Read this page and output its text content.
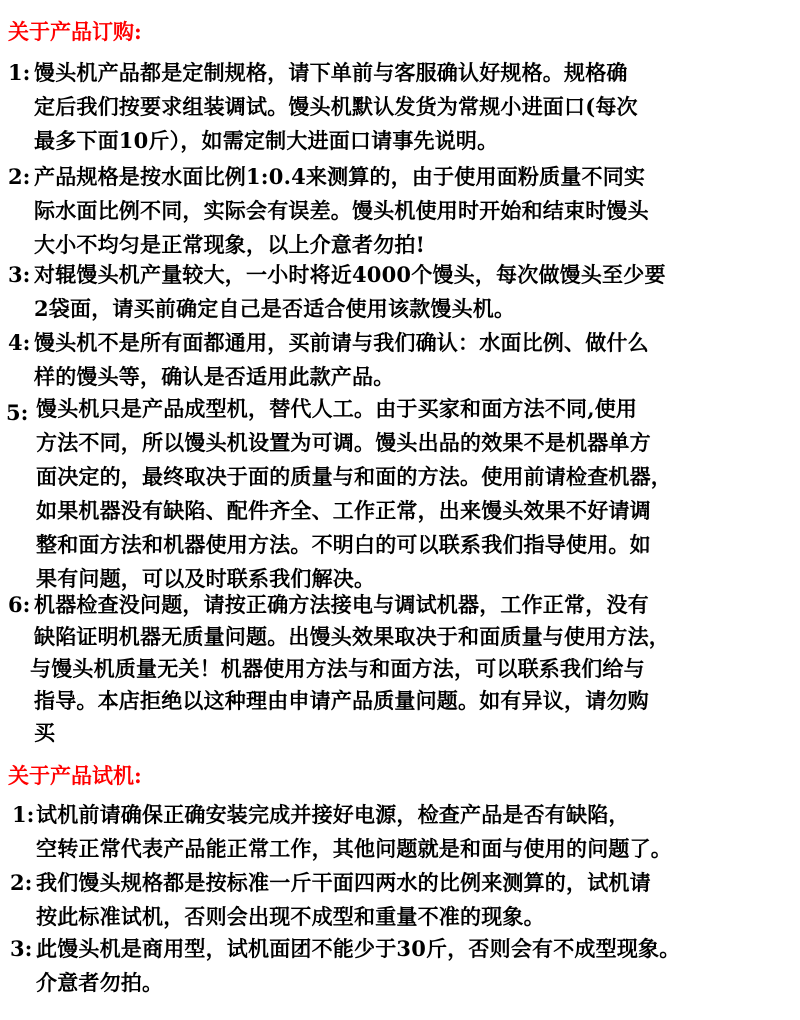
关于产品订购:
1: 馒头机产品都是定制规格，请下单前与客服确认好规格。规格确
定后我们按要求组装调试。馒头机默认发货为常规小进面口(每次
最多下面10斤），如需定制大进面口请事先说明。
2: 产品规格是按水面比例1:0.4来测算的，由于使用面粉质量不同实
际水面比例不同，实际会有误差。馒头机使用时开始和结束时馒头
大小不均匀是正常现象，以上介意者勿拍!
3: 对辊馒头机产量较大，一小时将近4000个馒头，每次做馒头至少要
2袋面，请买前确定自己是否适合使用该款馒头机。
4: 馒头机不是所有面都通用，买前请与我们确认：水面比例、做什么
样的馒头等，确认是否适用此款产品。
5: 馒头机只是产品成型机，替代人工。由于买家和面方法不同,使用
方法不同，所以馒头机设置为可调。馒头出品的效果不是机器单方
面决定的，最终取决于面的质量与和面的方法。使用前请检查机器，
如果机器没有缺陷、配件齐全、工作正常，出来馒头效果不好请调
整和面方法和机器使用方法。不明白的可以联系我们指导使用。如
果有问题，可以及时联系我们解决。
6: 机器检查没问题，请按正确方法接电与调试机器，工作正常，没有
缺陷证明机器无质量问题。出馒头效果取决于和面质量与使用方法，
与馒头机质量无关！机器使用方法与和面方法，可以联系我们给与
指导。本店拒绝以这种理由申请产品质量问题。如有异议，请勿购
买
关于产品试机:
1: 试机前请确保正确安装完成并接好电源，检查产品是否有缺陷，
空转正常代表产品能正常工作，其他问题就是和面与使用的问题了。
2: 我们馒头规格都是按标准一斤干面四两水的比例来测算的，试机请
按此标准试机，否则会出现不成型和重量不准的现象。
3: 此馒头机是商用型，试机面团不能少于30斤，否则会有不成型现象。
介意者勿拍。
